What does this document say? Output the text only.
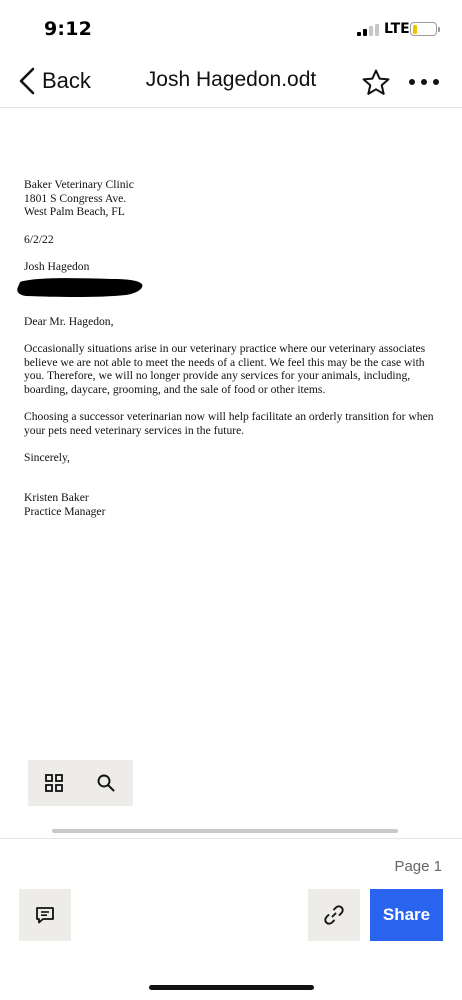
9:12	LTE
Back	Josh Hagedon.odt
Baker Veterinary Clinic
1801 S Congress Ave.
West Palm Beach, FL
6/2/22
Josh Hagedon
Dear Mr. Hagedon,
Occasionally situations arise in our veterinary practice where our veterinary associates
believe we are not able to meet the needs of a client. We feel this may be the case with
you. Therefore, we will no longer provide any services for your animals, including,
boarding, daycare, grooming, and the sale of food or other items.
Choosing a successor veterinarian now will help facilitate an orderly transition for when
your pets need veterinary services in the future.
Sincerely,
Kristen Baker
Practice Manager
Page 1
Share
